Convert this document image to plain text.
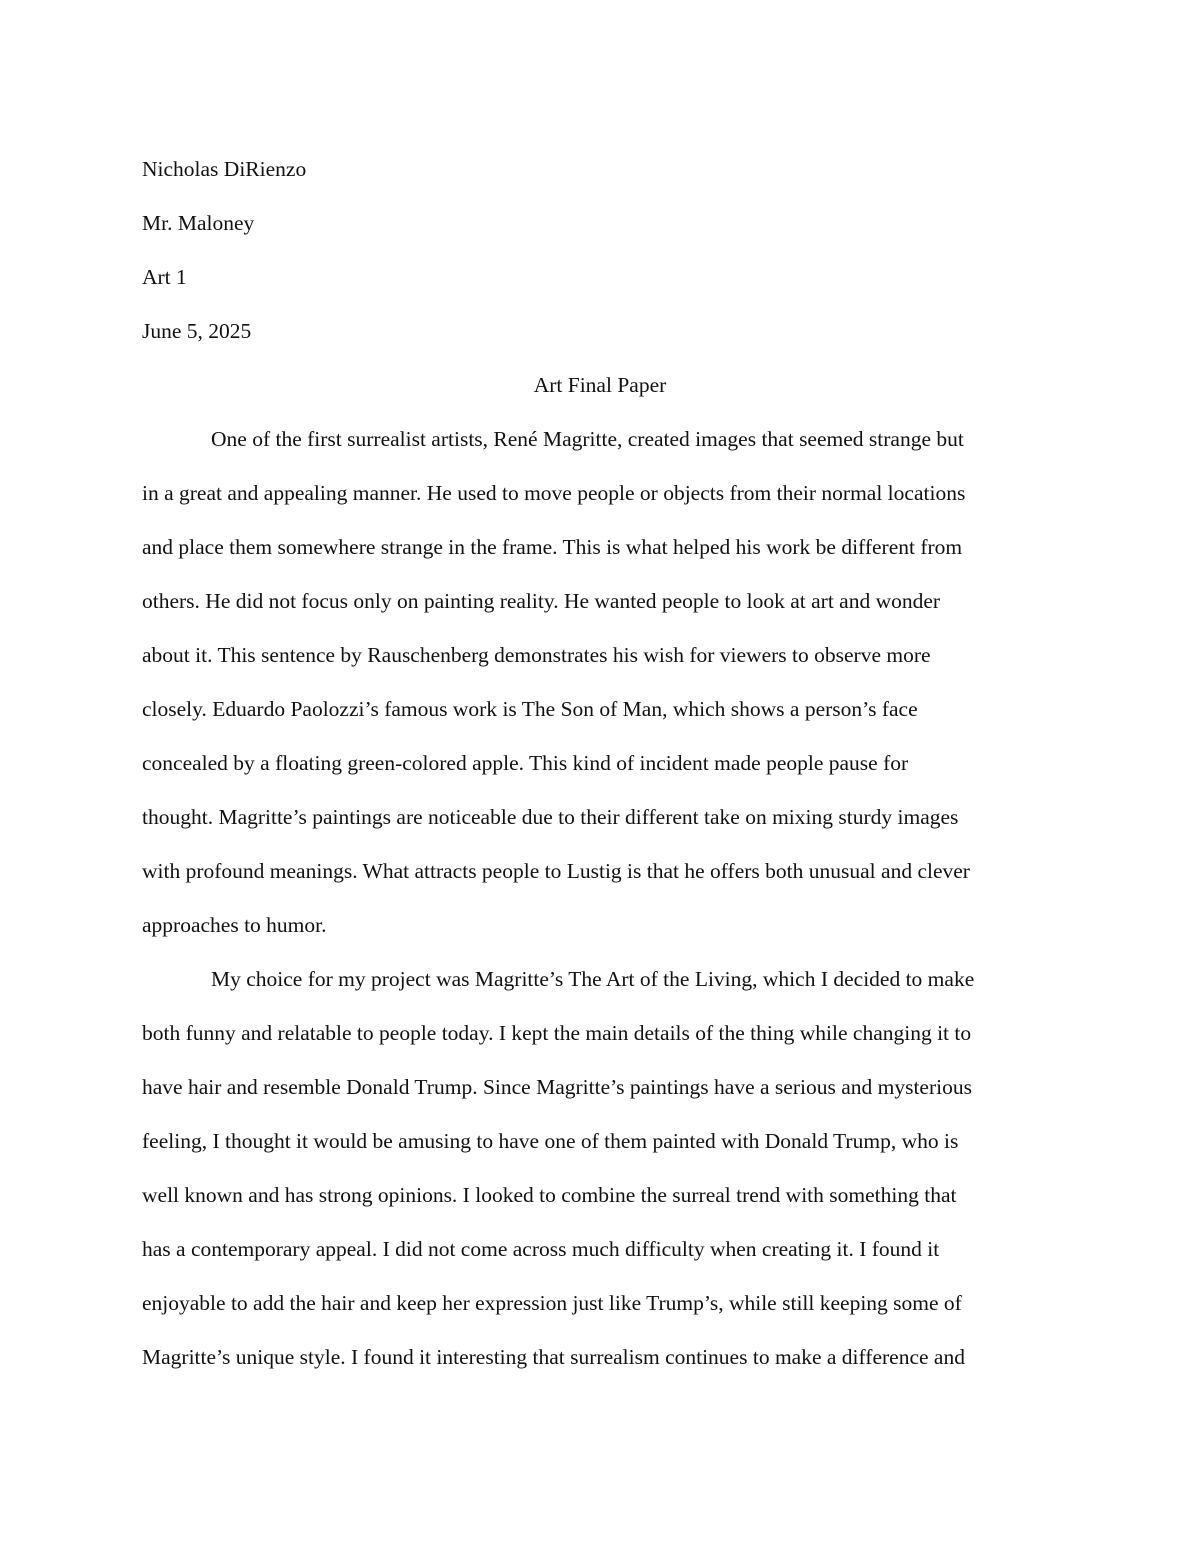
Nicholas DiRienzo
Mr. Maloney
Art 1
June 5, 2025
Art Final Paper
One of the first surrealist artists, René Magritte, created images that seemed strange but
in a great and appealing manner. He used to move people or objects from their normal locations
and place them somewhere strange in the frame. This is what helped his work be different from
others. He did not focus only on painting reality. He wanted people to look at art and wonder
about it. This sentence by Rauschenberg demonstrates his wish for viewers to observe more
closely. Eduardo Paolozzi’s famous work is The Son of Man, which shows a person’s face
concealed by a floating green-colored apple. This kind of incident made people pause for
thought. Magritte’s paintings are noticeable due to their different take on mixing sturdy images
with profound meanings. What attracts people to Lustig is that he offers both unusual and clever
approaches to humor.
My choice for my project was Magritte’s The Art of the Living, which I decided to make
both funny and relatable to people today. I kept the main details of the thing while changing it to
have hair and resemble Donald Trump. Since Magritte’s paintings have a serious and mysterious
feeling, I thought it would be amusing to have one of them painted with Donald Trump, who is
well known and has strong opinions. I looked to combine the surreal trend with something that
has a contemporary appeal. I did not come across much difficulty when creating it. I found it
enjoyable to add the hair and keep her expression just like Trump’s, while still keeping some of
Magritte’s unique style. I found it interesting that surrealism continues to make a difference and
